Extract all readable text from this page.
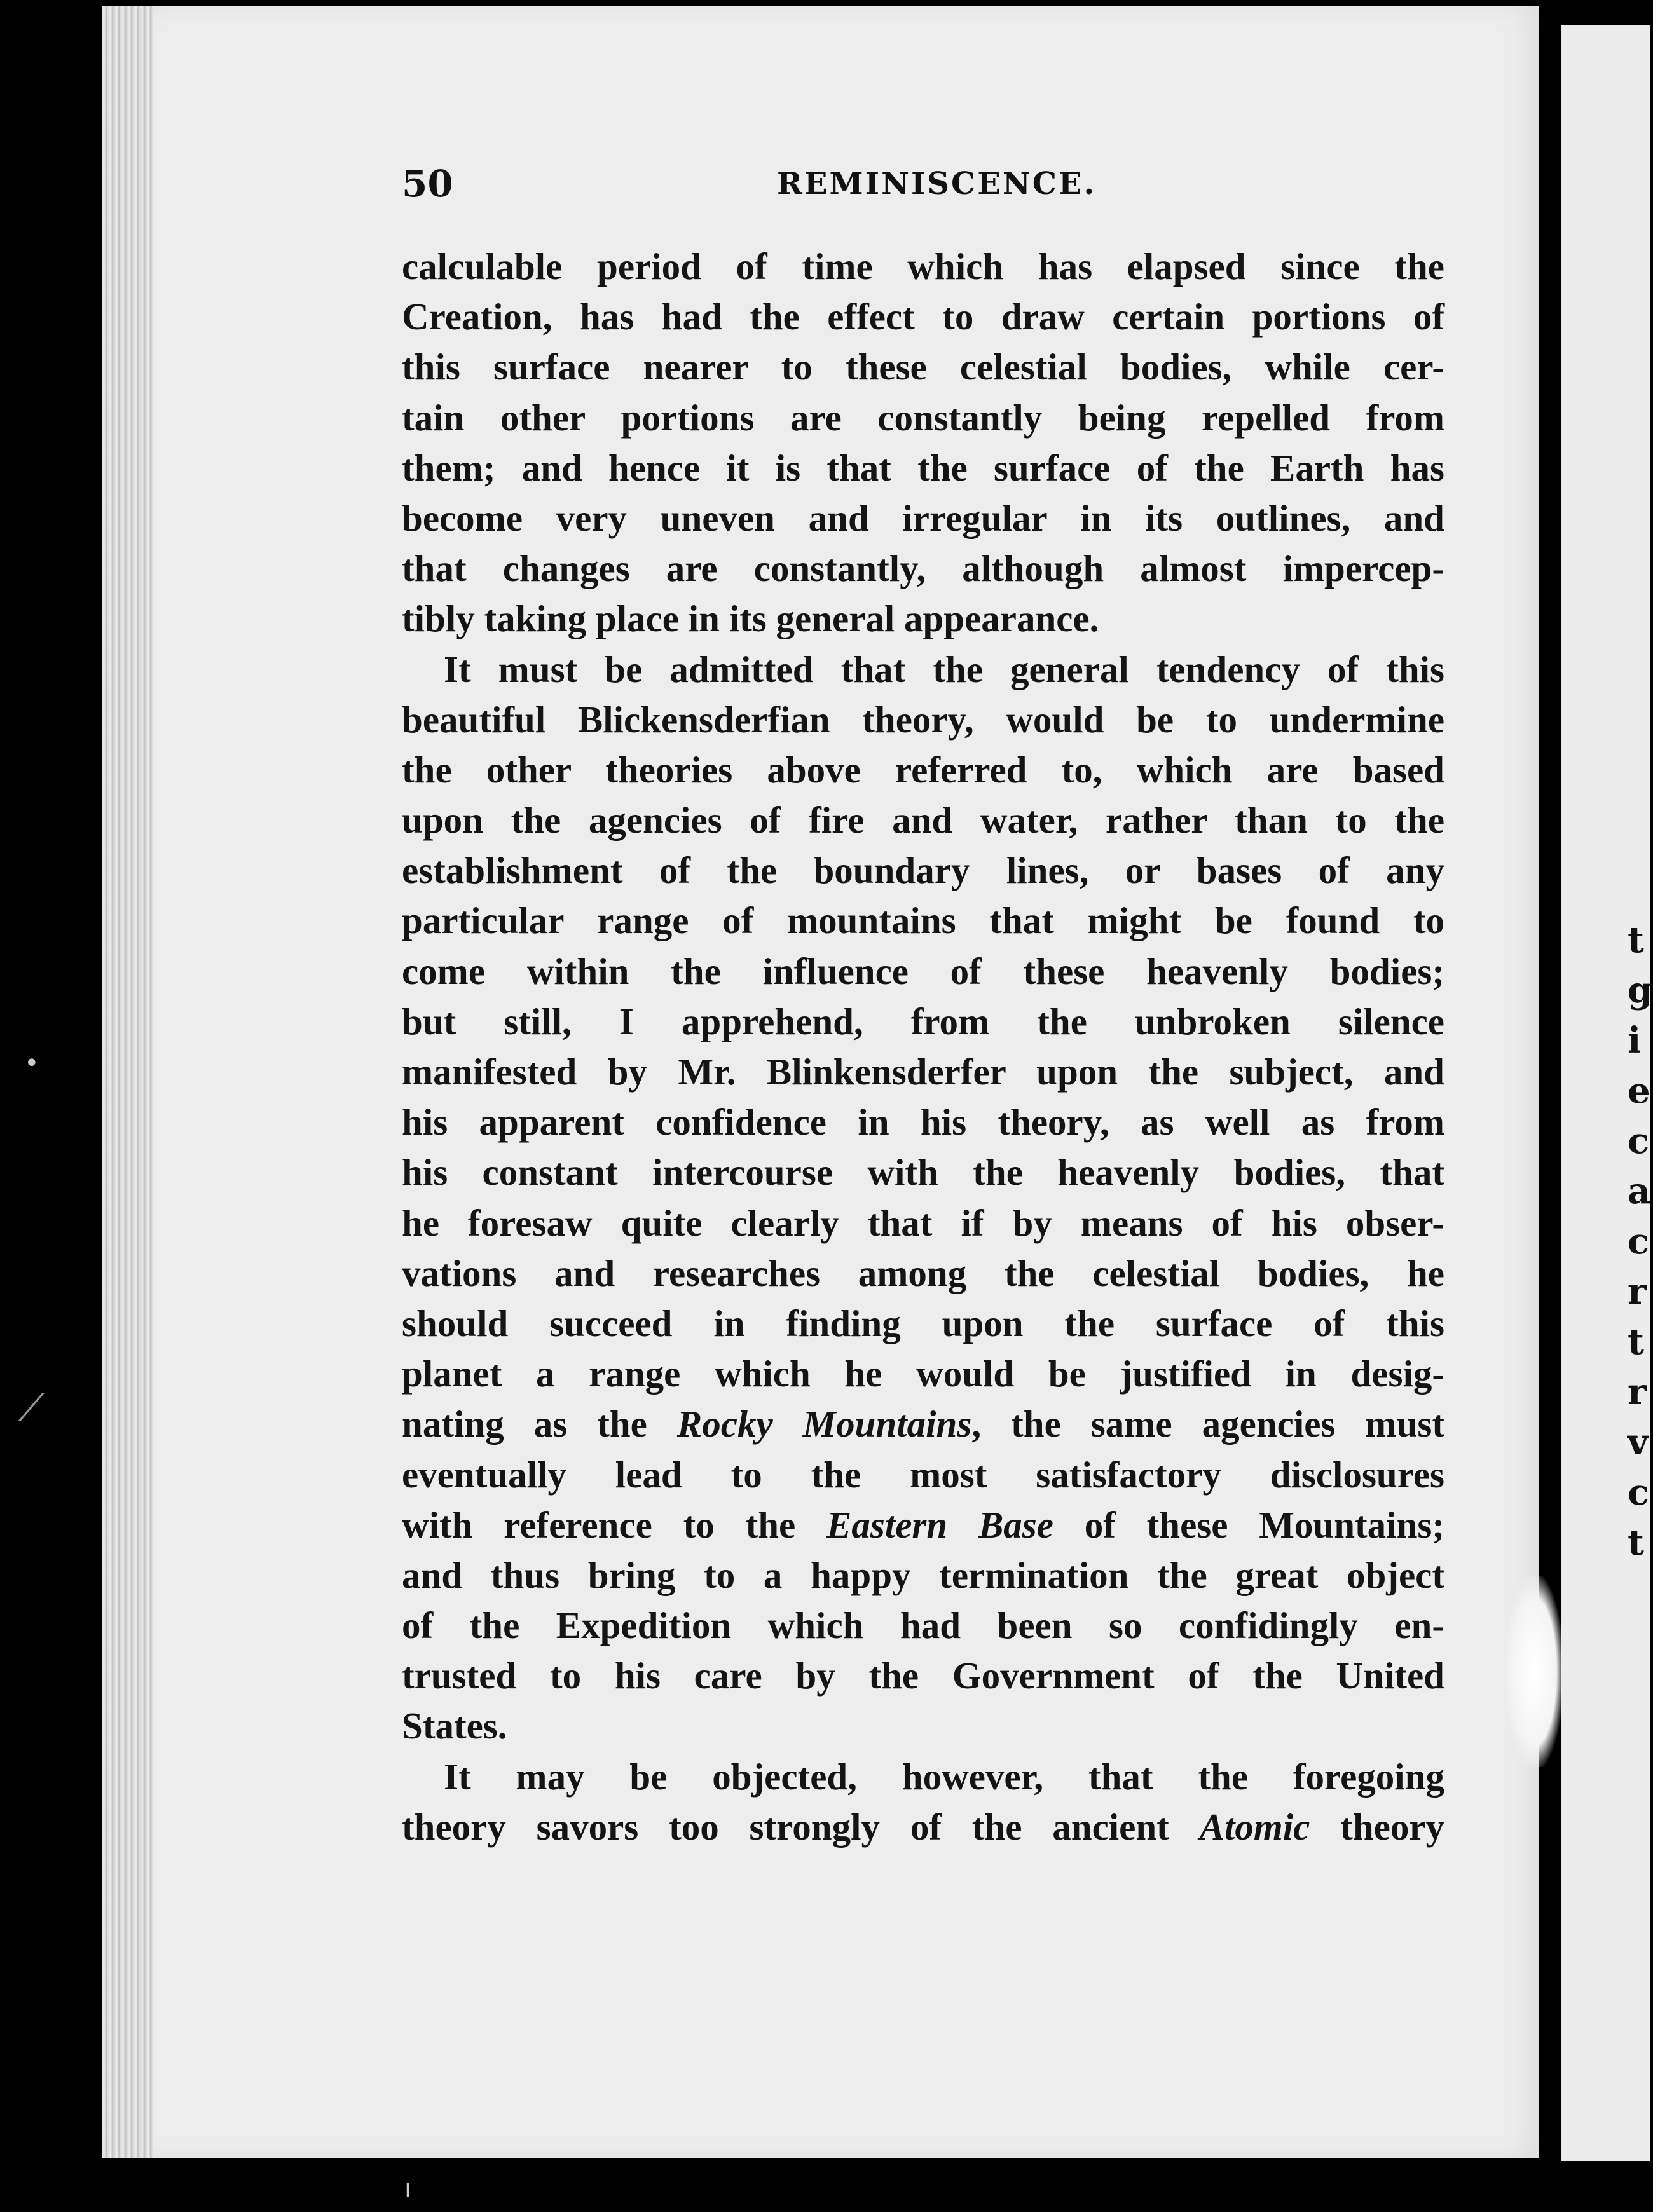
t
g
i
e
c
a
c
r
t
r
v
c
t
50	REMINISCENCE.
calculable period of time which has elapsed since the
Creation, has had the effect to draw certain portions of
this surface nearer to these celestial bodies, while cer-
tain other portions are constantly being repelled from
them; and hence it is that the surface of the Earth has
become very uneven and irregular in its outlines, and
that changes are constantly, although almost impercep-
tibly taking place in its general appearance.
It must be admitted that the general tendency of this
beautiful Blickensderfian theory, would be to undermine
the other theories above referred to, which are based
upon the agencies of fire and water, rather than to the
establishment of the boundary lines, or bases of any
particular range of mountains that might be found to
come within the influence of these heavenly bodies;
but still, I apprehend, from the unbroken silence
manifested by Mr. Blinkensderfer upon the subject, and
his apparent confidence in his theory, as well as from
his constant intercourse with the heavenly bodies, that
he foresaw quite clearly that if by means of his obser-
vations and researches among the celestial bodies, he
should succeed in finding upon the surface of this
planet a range which he would be justified in desig-
nating as the Rocky Mountains, the same agencies must
eventually lead to the most satisfactory disclosures
with reference to the Eastern Base of these Mountains;
and thus bring to a happy termination the great object
of the Expedition which had been so confidingly en-
trusted to his care by the Government of the United
States.
It may be objected, however, that the foregoing
theory savors too strongly of the ancient Atomic theory
•
⟋
ı
